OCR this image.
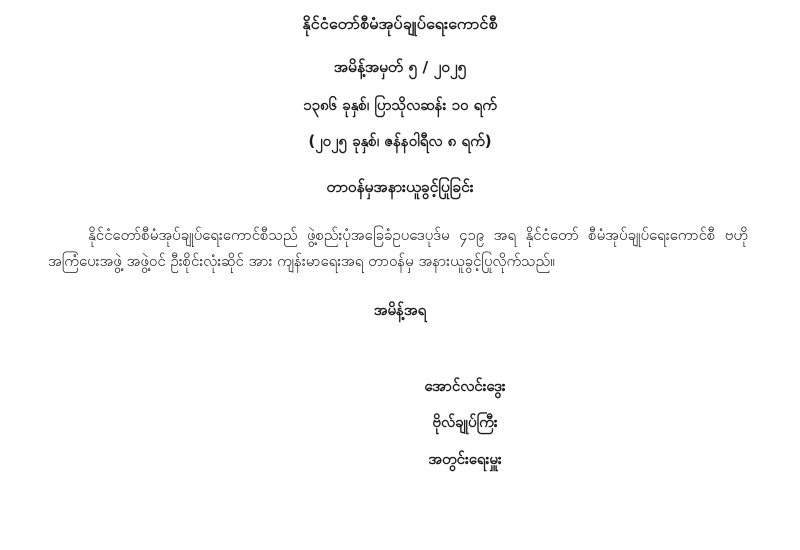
နိုင်ငံတော်စီမံအုပ်ချုပ်ရေးကောင်စီ
အမိန့်အမှတ် ၅ / ၂၀၂၅
၁၃၈၆ ခုနှစ်၊ ပြာသိုလဆန်း ၁၀ ရက်
(၂၀၂၅ ခုနှစ်၊ ဇန်နဝါရီလ ၈ ရက်)
တာဝန်မှအနားယူခွင့်ပြုခြင်း

နိုင်ငံတော်စီမံအုပ်ချုပ်ရေးကောင်စီသည် ဖွဲ့စည်းပုံအခြေခံဥပဒေပုဒ်မ ၄၁၉ အရ နိုင်ငံတော် စီမံအုပ်ချုပ်ရေးကောင်စီ ဗဟိုအကြံပေးအဖွဲ့ အဖွဲ့ဝင် ဦးစိုင်းလုံးဆိုင် အား ကျန်းမာရေးအရ တာဝန်မှ အနားယူခွင့်ပြုလိုက်သည်။

အမိန့်အရ
အောင်လင်းဒွေး
ဗိုလ်ချုပ်ကြီး
အတွင်းရေးမှူး
